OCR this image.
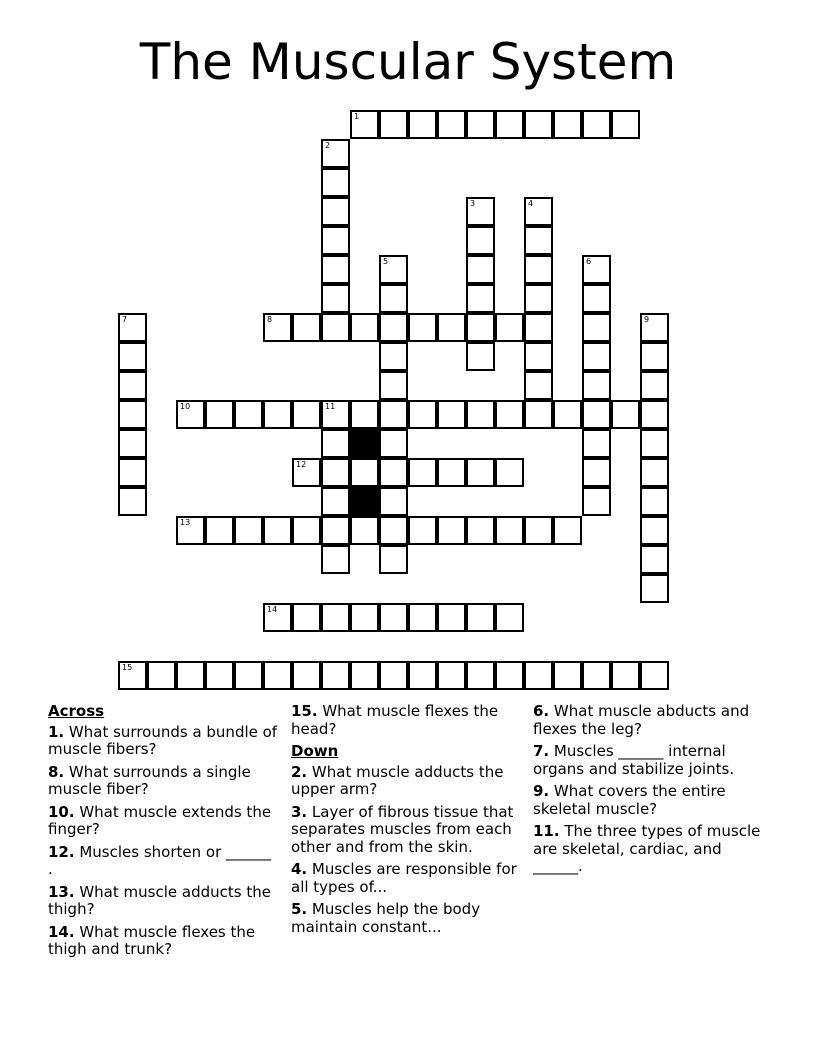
The Muscular System
1
2
3	4
5	6
7	8	9
10	11
12
13
14
15
Across
1. What surrounds a bundle of muscle fibers?
8. What surrounds a single muscle fiber?
10. What muscle extends the finger?
12. Muscles shorten or ______ .
13. What muscle adducts the thigh?
14. What muscle flexes the thigh and trunk?
15. What muscle flexes the head?
Down
2. What muscle adducts the upper arm?
3. Layer of fibrous tissue that separates muscles from each other and from the skin.
4. Muscles are responsible for all types of...
5. Muscles help the body maintain constant...
6. What muscle abducts and flexes the leg?
7. Muscles ______ internal organs and stabilize joints.
9. What covers the entire skeletal muscle?
11. The three types of muscle are skeletal, cardiac, and ______.
